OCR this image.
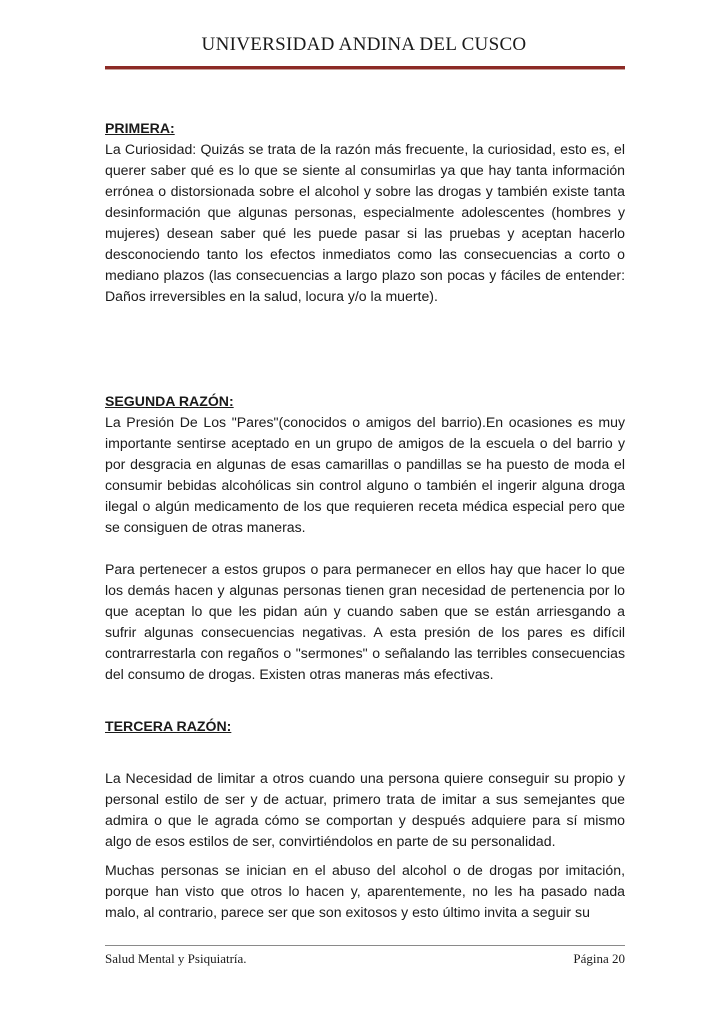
UNIVERSIDAD ANDINA DEL CUSCO

PRIMERA:

La Curiosidad: Quizás se trata de la razón más frecuente, la curiosidad, esto es, el querer saber qué es lo que se siente al consumirlas ya que hay tanta información errónea o distorsionada sobre el alcohol y sobre las drogas y también existe tanta desinformación que algunas personas, especialmente adolescentes (hombres y mujeres) desean saber qué les puede pasar si las pruebas y aceptan hacerlo desconociendo tanto los efectos inmediatos como las consecuencias a corto o mediano plazos (las consecuencias a largo plazo son pocas y fáciles de entender: Daños irreversibles en la salud, locura y/o la muerte).

SEGUNDA RAZÓN:

La Presión De Los "Pares"(conocidos o amigos del barrio).En ocasiones es muy importante sentirse aceptado en un grupo de amigos de la escuela o del barrio y por desgracia en algunas de esas camarillas o pandillas se ha puesto de moda el consumir bebidas alcohólicas sin control alguno o también el ingerir alguna droga ilegal o algún medicamento de los que requieren receta médica especial pero que se consiguen de otras maneras.

Para pertenecer a estos grupos o para permanecer en ellos hay que hacer lo que los demás hacen y algunas personas tienen gran necesidad de pertenencia por lo que aceptan lo que les pidan aún y cuando saben que se están arriesgando a sufrir algunas consecuencias negativas. A esta presión de los pares es difícil contrarrestarla con regaños o "sermones" o señalando las terribles consecuencias del consumo de drogas. Existen otras maneras más efectivas.

TERCERA RAZÓN:

La Necesidad de limitar a otros cuando una persona quiere conseguir su propio y personal estilo de ser y de actuar, primero trata de imitar a sus semejantes que admira o que le agrada cómo se comportan y después adquiere para sí mismo algo de esos estilos de ser, convirtiéndolos en parte de su personalidad.

Muchas personas se inician en el abuso del alcohol o de drogas por imitación, porque han visto que otros lo hacen y, aparentemente, no les ha pasado nada malo, al contrario, parece ser que son exitosos y esto último invita a seguir su

Salud Mental y Psiquiatría.	Página 20
